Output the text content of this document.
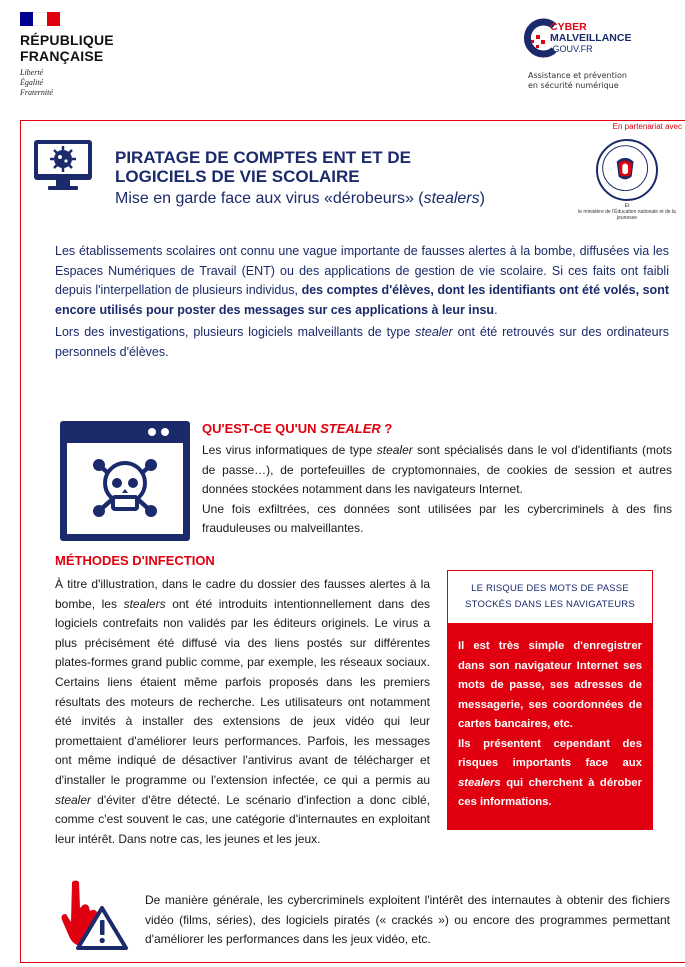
RÉPUBLIQUE
FRANÇAISE
Liberté
Égalité
Fraternité
CYBER
MALVEILLANCE
.GOUV.FR
Assistance et prévention
en sécurité numérique
PIRATAGE DE COMPTES ENT ET DE
LOGICIELS DE VIE SCOLAIRE
Mise en garde face aux virus «dérobeurs» (stealers)
En partenariat avec
Et
le ministère de l'Éducation nationale et de la jeunesse

Les établissements scolaires ont connu une vague importante de fausses alertes à la bombe, diffusées via les Espaces Numériques de Travail (ENT) ou des applications de gestion de vie scolaire. Si ces faits ont faibli depuis l'interpellation de plusieurs individus, des comptes d'élèves, dont les identifiants ont été volés, sont encore utilisés pour poster des messages sur ces applications à leur insu.

Lors des investigations, plusieurs logiciels malveillants de type stealer ont été retrouvés sur des ordinateurs personnels d'élèves.

QU'EST-CE QU'UN STEALER ?
Les virus informatiques de type stealer sont spécialisés dans le vol d'identifiants (mots de passe…), de portefeuilles de cryptomonnaies, de cookies de session et autres données stockées notamment dans les navigateurs Internet.
Une fois exfiltrées, ces données sont utilisées par les cybercriminels à des fins frauduleuses ou malveillantes.
MÉTHODES D'INFECTION

À titre d'illustration, dans le cadre du dossier des fausses alertes à la bombe, les stealers ont été introduits intentionnellement dans des logiciels contrefaits non validés par les éditeurs originels. Le virus a plus précisément été diffusé via des liens postés sur différentes plates-formes grand public comme, par exemple, les réseaux sociaux. Certains liens étaient même parfois proposés dans les premiers résultats des moteurs de recherche. Les utilisateurs ont notamment été invités à installer des extensions de jeux vidéo qui leur promettaient d'améliorer leurs performances. Parfois, les messages ont même indiqué de désactiver l'antivirus avant de télécharger et d'installer le programme ou l'extension infectée, ce qui a permis au stealer d'éviter d'être détecté. Le scénario d'infection a donc ciblé, comme c'est souvent le cas, une catégorie d'internautes en exploitant leur intérêt. Dans notre cas, les jeunes et les jeux.

LE RISQUE DES MOTS DE PASSE
STOCKÉS DANS LES NAVIGATEURS
Il est très simple d'enregistrer dans son navigateur Internet ses mots de passe, ses adresses de messagerie, ses coordonnées de cartes bancaires, etc.
Ils présentent cependant des risques importants face aux stealers qui cherchent à dérober ces informations.

De manière générale, les cybercriminels exploitent l'intérêt des internautes à obtenir des fichiers vidéo (films, séries), des logiciels piratés (« crackés ») ou encore des programmes permettant d'améliorer les performances dans les jeux vidéo, etc.
